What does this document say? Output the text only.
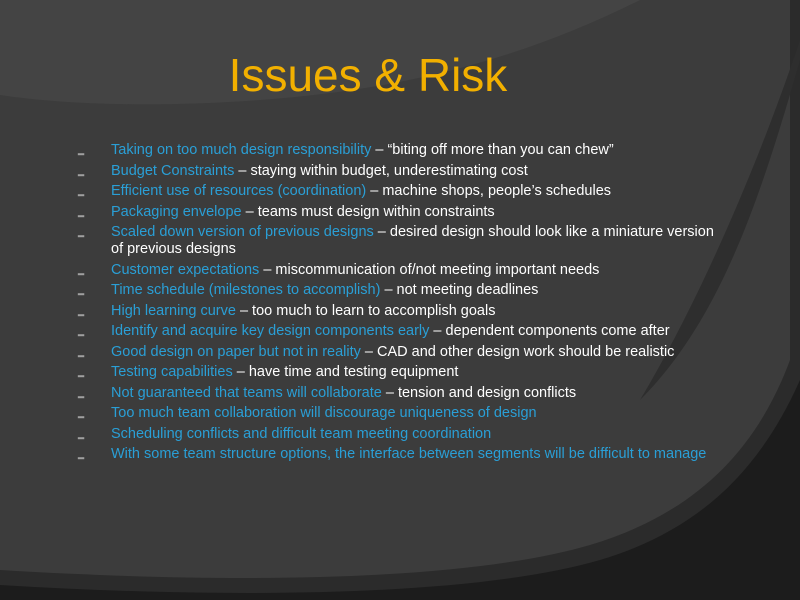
Issues & Risk
‗ Taking on too much design responsibility – “biting off more than you can chew”
‗ Budget Constraints – staying within budget, underestimating cost
‗ Efficient use of resources (coordination) – machine shops, people’s schedules
‗ Packaging envelope – teams must design within constraints
‗ Scaled down version of previous designs – desired design should look like a miniature version of previous designs
‗ Customer expectations – miscommunication of/not meeting important needs
‗ Time schedule (milestones to accomplish) – not meeting deadlines
‗ High learning curve – too much to learn to accomplish goals
‗ Identify and acquire key design components early – dependent components come after
‗ Good design on paper but not in reality – CAD and other design work should be realistic
‗ Testing capabilities – have time and testing equipment
‗ Not guaranteed that teams will collaborate – tension and design conflicts
‗ Too much team collaboration will discourage uniqueness of design
‗ Scheduling conflicts and difficult team meeting coordination
‗ With some team structure options, the interface between segments will be difficult to manage
